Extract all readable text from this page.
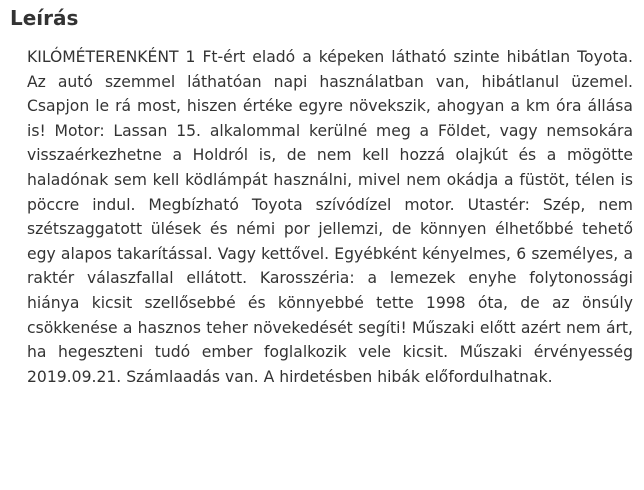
Leírás

KILÓMÉTERENKÉNT 1 Ft-ért eladó a képeken látható szinte hibátlan Toyota. Az autó szemmel láthatóan napi használatban van, hibátlanul üzemel. Csapjon le rá most, hiszen értéke egyre növekszik, ahogyan a km óra állása is! Motor: Lassan 15. alkalommal kerülné meg a Földet, vagy nemsokára visszaérkezhetne a Holdról is, de nem kell hozzá olajkút és a mögötte haladónak sem kell ködlámpát használni, mivel nem okádja a füstöt, télen is pöccre indul. Megbízható Toyota szívódízel motor. Utastér: Szép, nem szétszaggatott ülések és némi por jellemzi, de könnyen élhetőbbé tehető egy alapos takarítással. Vagy kettővel. Egyébként kényelmes, 6 személyes, a raktér válaszfallal ellátott. Karosszéria: a lemezek enyhe folytonossági hiánya kicsit szellősebbé és könnyebbé tette 1998 óta, de az önsúly csökkenése a hasznos teher növekedését segíti! Műszaki előtt azért nem árt, ha hegeszteni tudó ember foglalkozik vele kicsit. Műszaki érvényesség 2019.09.21. Számlaadás van. A hirdetésben hibák előfordulhatnak.
